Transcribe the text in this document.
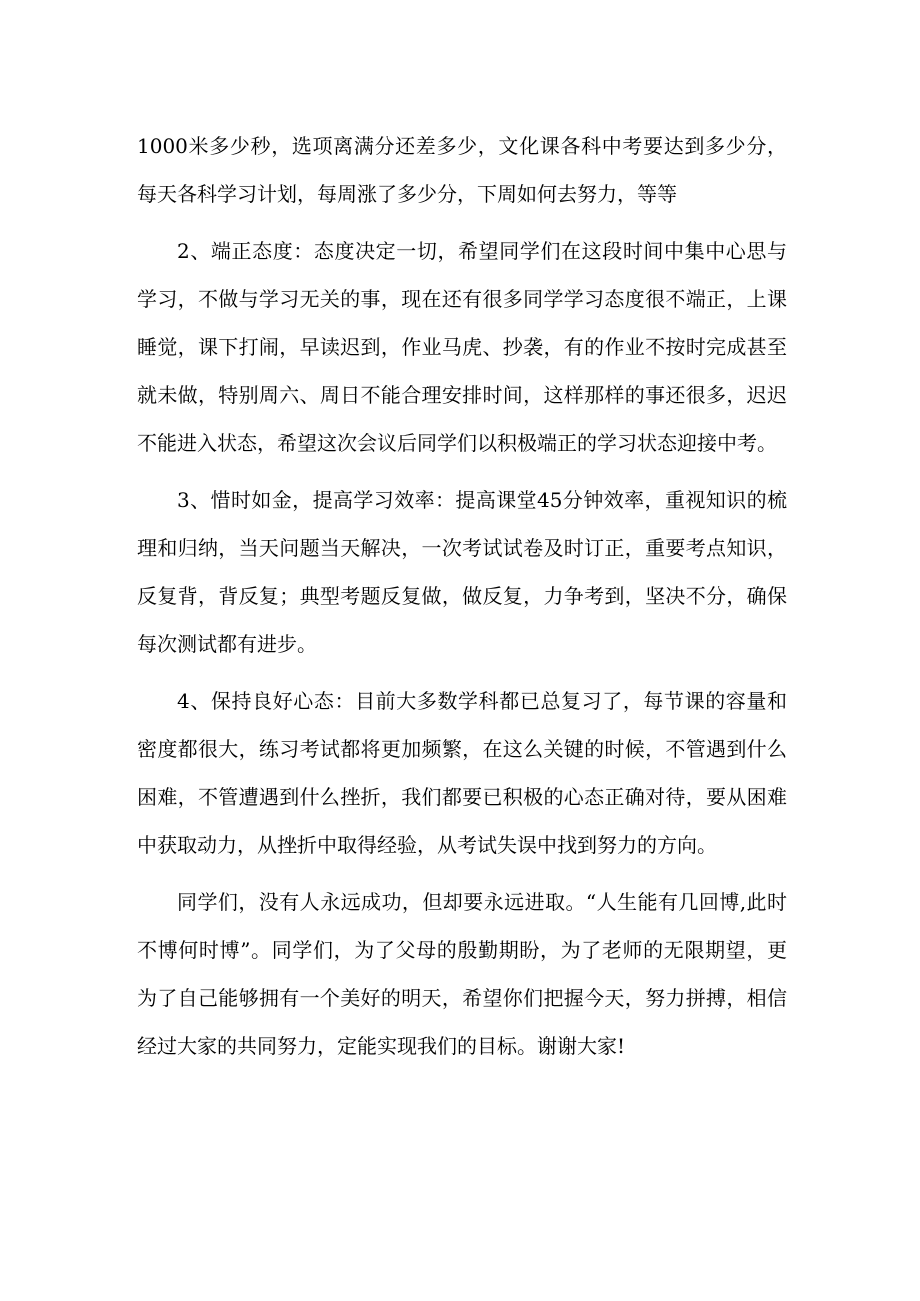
1000米多少秒，选项离满分还差多少，文化课各科中考要达到多少分，每天各科学习计划，每周涨了多少分，下周如何去努力，等等

2、端正态度：态度决定一切，希望同学们在这段时间中集中心思与学习，不做与学习无关的事，现在还有很多同学学习态度很不端正，上课睡觉，课下打闹，早读迟到，作业马虎、抄袭，有的作业不按时完成甚至就未做，特别周六、周日不能合理安排时间，这样那样的事还很多，迟迟不能进入状态，希望这次会议后同学们以积极端正的学习状态迎接中考。

3、惜时如金，提高学习效率：提高课堂45分钟效率，重视知识的梳理和归纳，当天问题当天解决，一次考试试卷及时订正，重要考点知识，反复背，背反复；典型考题反复做，做反复，力争考到，坚决不分，确保每次测试都有进步。

4、保持良好心态：目前大多数学科都已总复习了，每节课的容量和密度都很大，练习考试都将更加频繁，在这么关键的时候，不管遇到什么困难，不管遭遇到什么挫折，我们都要已积极的心态正确对待，要从困难中获取动力，从挫折中取得经验，从考试失误中找到努力的方向。

同学们，没有人永远成功，但却要永远进取。“人生能有几回博,此时不博何时博”。同学们，为了父母的殷勤期盼，为了老师的无限期望，更为了自己能够拥有一个美好的明天，希望你们把握今天，努力拼搏，相信经过大家的共同努力，定能实现我们的目标。谢谢大家!
